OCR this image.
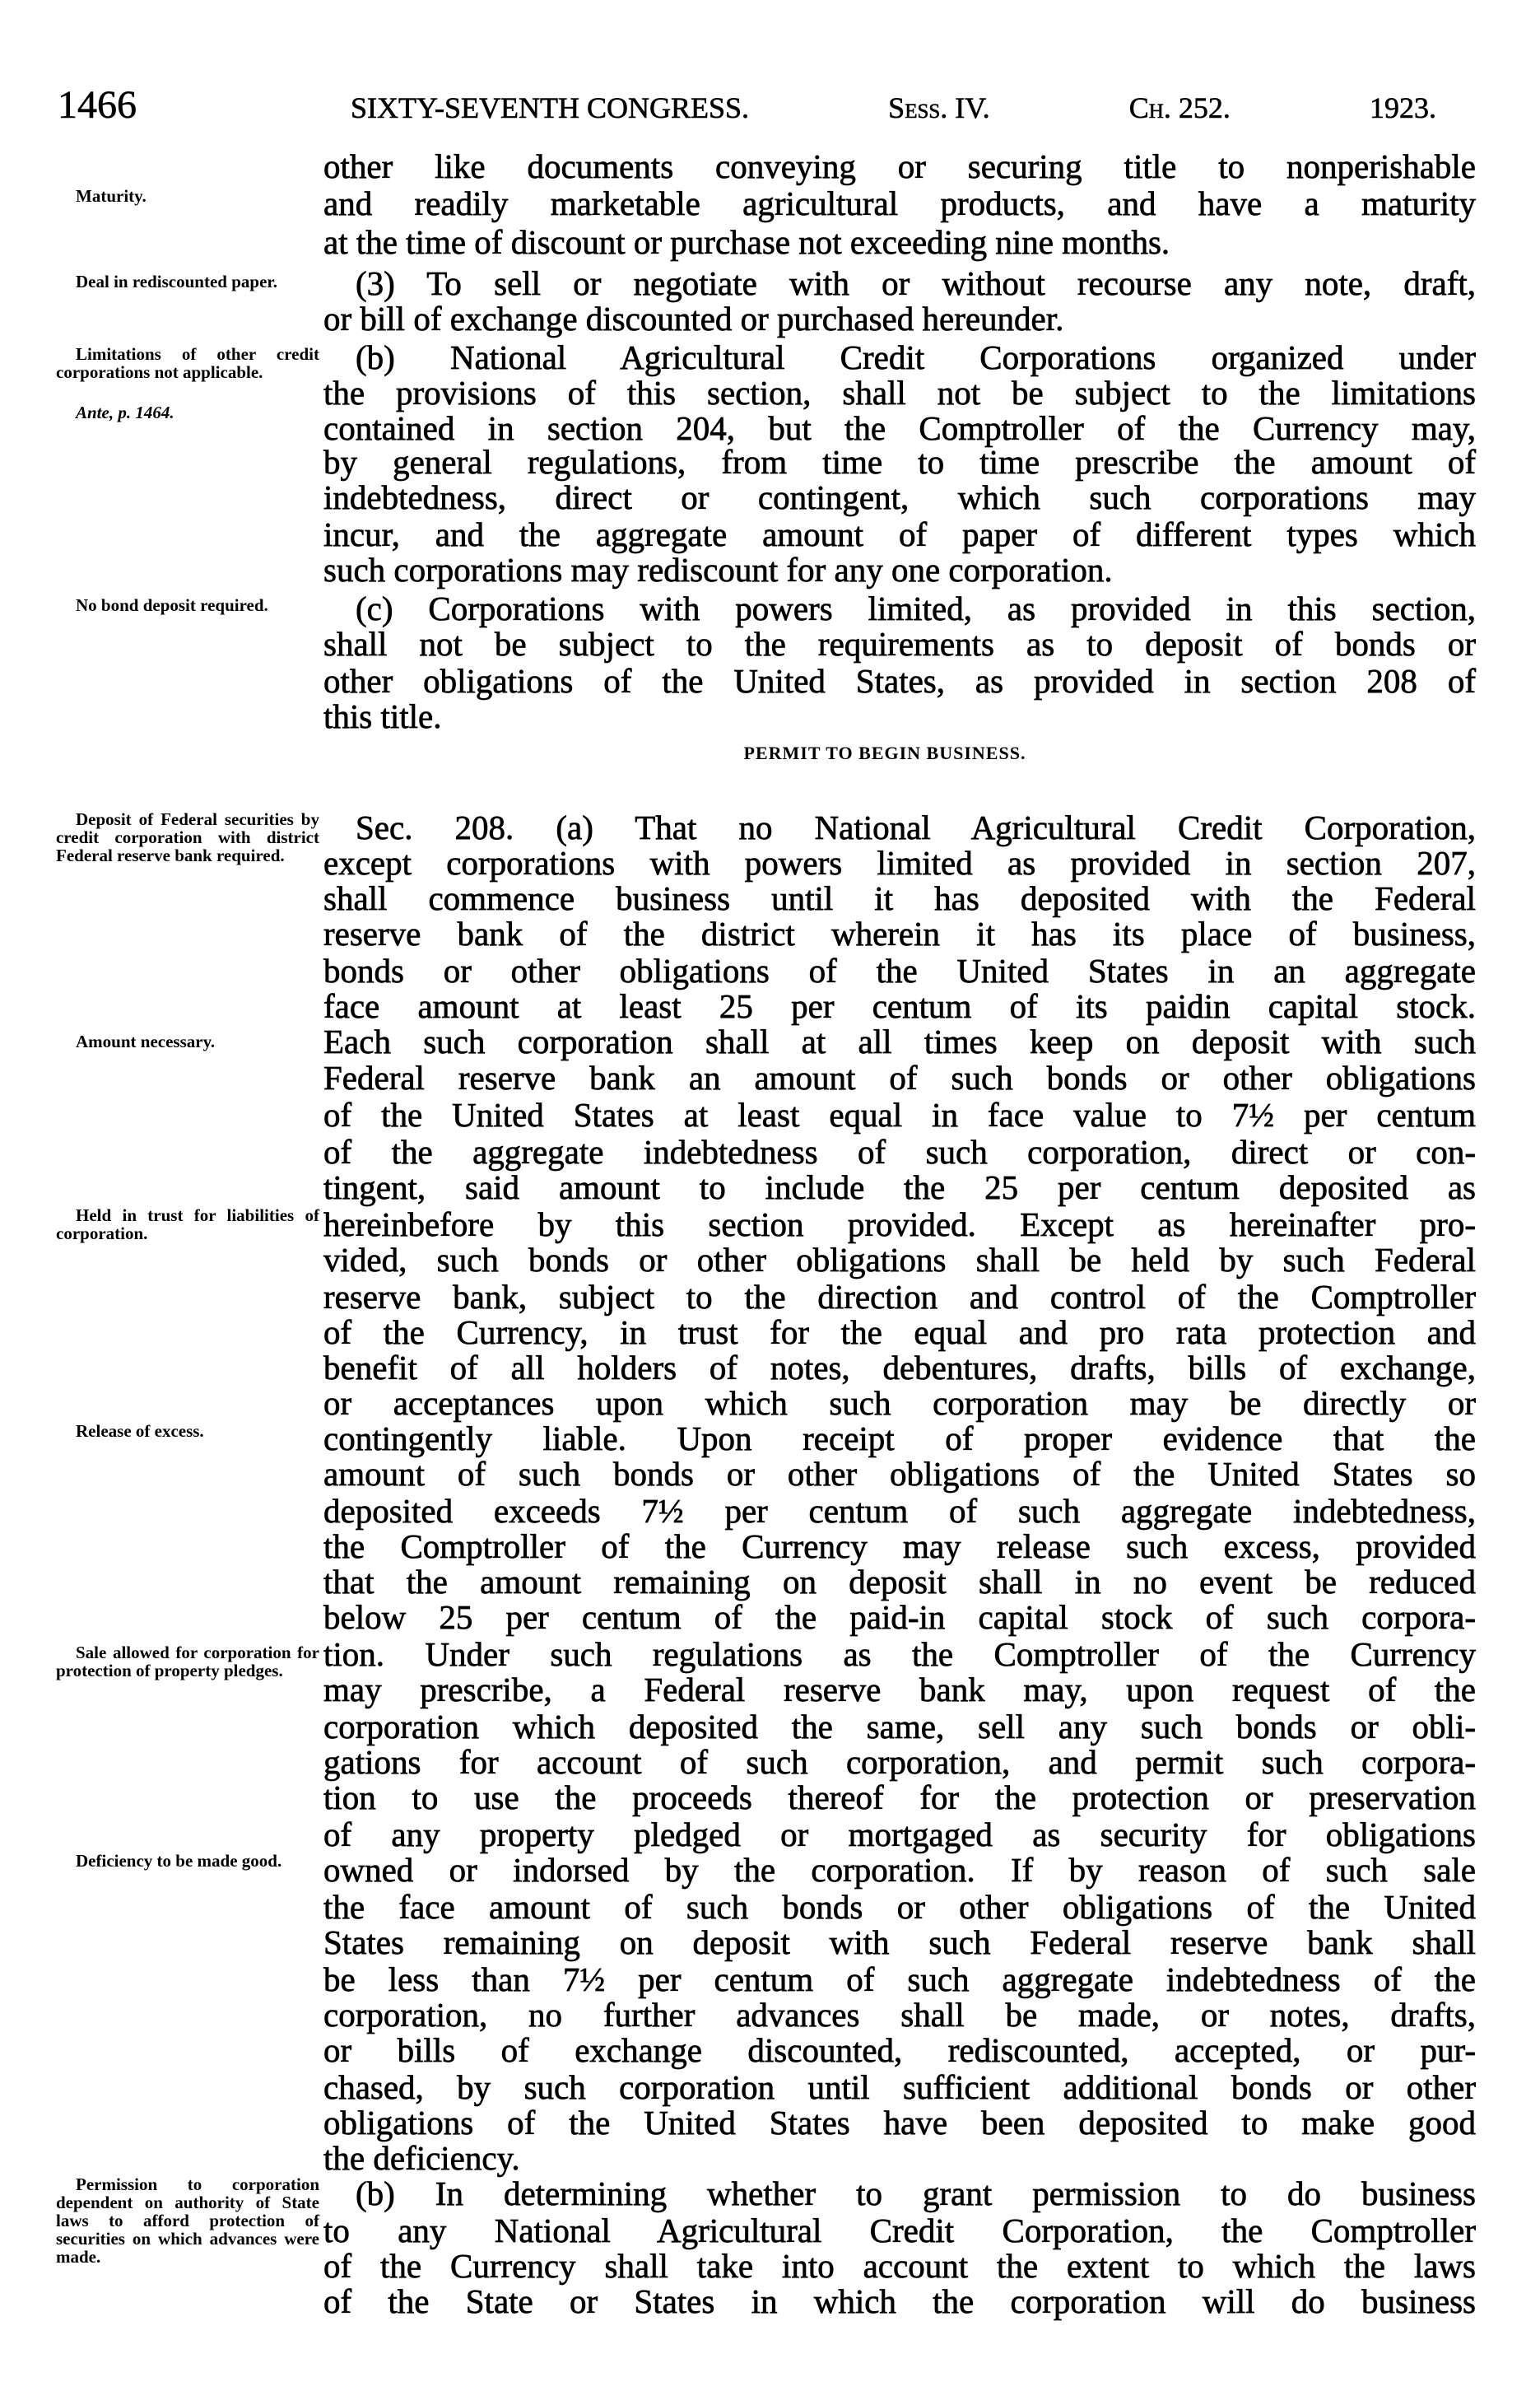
1466	SIXTY-SEVENTH CONGRESS.	Sess. IV.	Ch. 252.	1923.
other like documents conveying or securing title to nonperishable
and readily marketable agricultural products, and have a maturity
at the time of discount or purchase not exceeding nine months.
(3) To sell or negotiate with or without recourse any note, draft,
or bill of exchange discounted or purchased hereunder.
(b) National Agricultural Credit Corporations organized under
the provisions of this section, shall not be subject to the limitations
contained in section 204, but the Comptroller of the Currency may,
by general regulations, from time to time prescribe the amount of
indebtedness, direct or contingent, which such corporations may
incur, and the aggregate amount of paper of different types which
such corporations may rediscount for any one corporation.
(c) Corporations with powers limited, as provided in this section,
shall not be subject to the requirements as to deposit of bonds or
other obligations of the United States, as provided in section 208 of
this title.
Sec. 208. (a) That no National Agricultural Credit Corporation,
except corporations with powers limited as provided in section 207,
shall commence business until it has deposited with the Federal
reserve bank of the district wherein it has its place of business,
bonds or other obligations of the United States in an aggregate
face amount at least 25 per centum of its paidin capital stock.
Each such corporation shall at all times keep on deposit with such
Federal reserve bank an amount of such bonds or other obligations
of the United States at least equal in face value to 7½ per centum
of the aggregate indebtedness of such corporation, direct or con-
tingent, said amount to include the 25 per centum deposited as
hereinbefore by this section provided. Except as hereinafter pro-
vided, such bonds or other obligations shall be held by such Federal
reserve bank, subject to the direction and control of the Comptroller
of the Currency, in trust for the equal and pro rata protection and
benefit of all holders of notes, debentures, drafts, bills of exchange,
or acceptances upon which such corporation may be directly or
contingently liable. Upon receipt of proper evidence that the
amount of such bonds or other obligations of the United States so
deposited exceeds 7½ per centum of such aggregate indebtedness,
the Comptroller of the Currency may release such excess, provided
that the amount remaining on deposit shall in no event be reduced
below 25 per centum of the paid-in capital stock of such corpora-
tion. Under such regulations as the Comptroller of the Currency
may prescribe, a Federal reserve bank may, upon request of the
corporation which deposited the same, sell any such bonds or obli-
gations for account of such corporation, and permit such corpora-
tion to use the proceeds thereof for the protection or preservation
of any property pledged or mortgaged as security for obligations
owned or indorsed by the corporation. If by reason of such sale
the face amount of such bonds or other obligations of the United
States remaining on deposit with such Federal reserve bank shall
be less than 7½ per centum of such aggregate indebtedness of the
corporation, no further advances shall be made, or notes, drafts,
or bills of exchange discounted, rediscounted, accepted, or pur-
chased, by such corporation until sufficient additional bonds or other
obligations of the United States have been deposited to make good
the deficiency.
(b) In determining whether to grant permission to do business
to any National Agricultural Credit Corporation, the Comptroller
of the Currency shall take into account the extent to which the laws
of the State or States in which the corporation will do business
PERMIT TO BEGIN BUSINESS.
Maturity.
Deal in rediscounted paper.
Limitations of other credit corporations not applicable.
Ante, p. 1464.
No bond deposit required.
Deposit of Federal securities by credit corporation with district Federal reserve bank required.
Amount necessary.
Held in trust for liabilities of corporation.
Release of excess.
Sale allowed for corporation for protection of property pledges.
Deficiency to be made good.
Permission to corporation dependent on authority of State laws to afford protection of securities on which advances were made.
